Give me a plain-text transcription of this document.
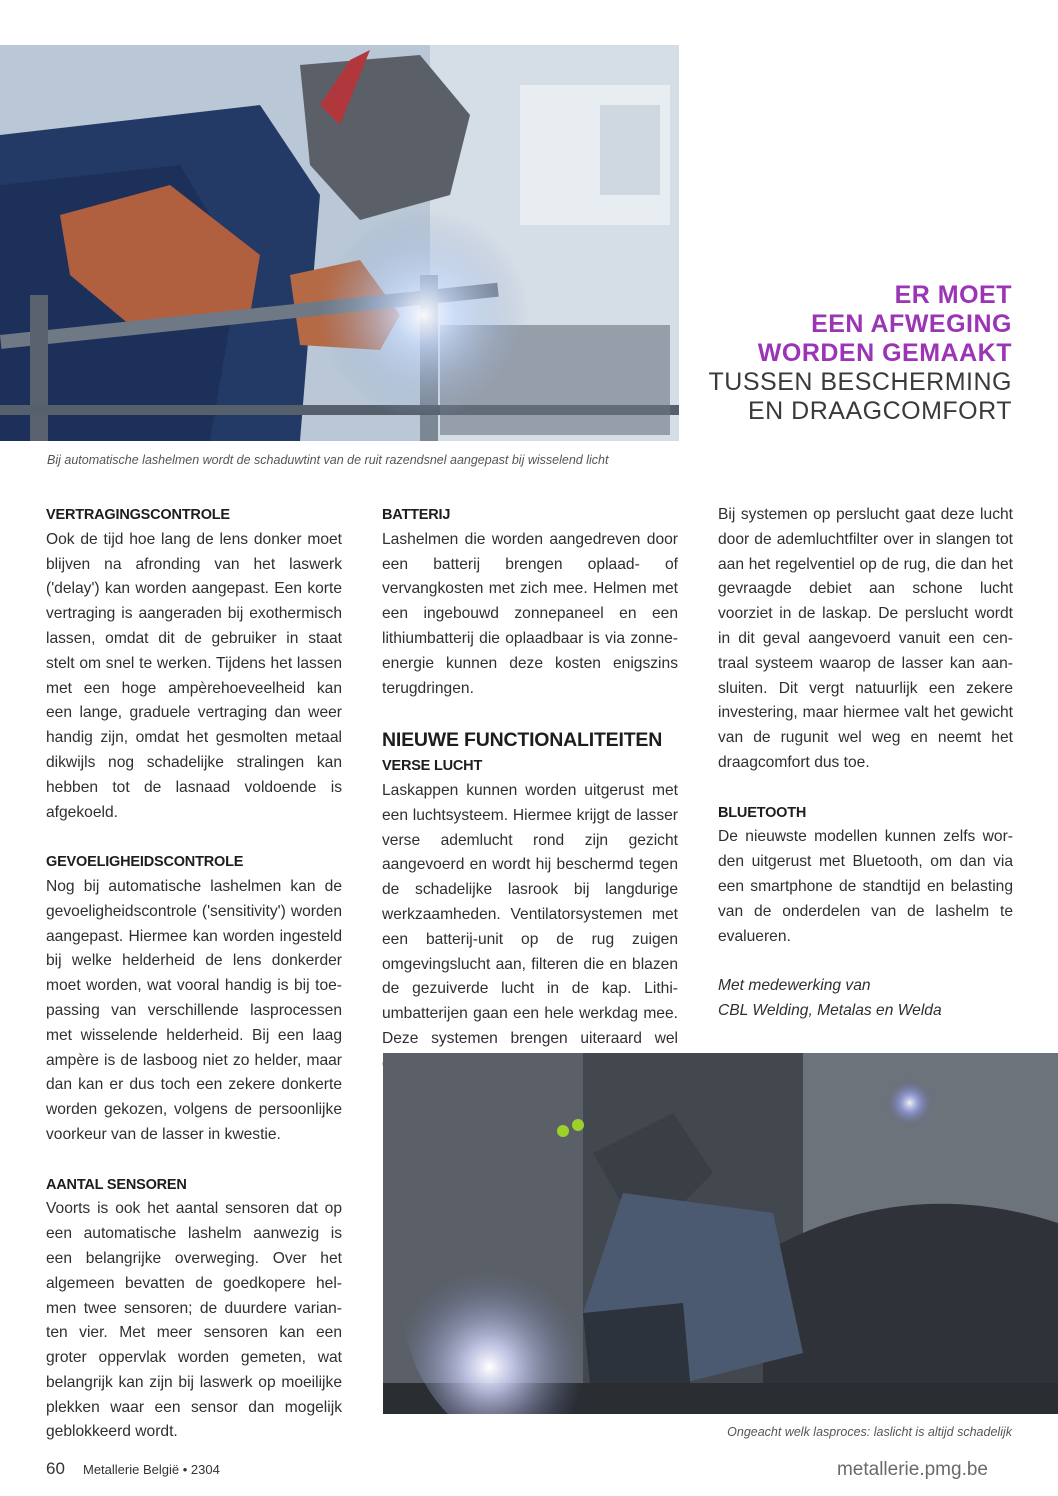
Bij automatische lashelmen wordt de schaduwtint van de ruit razendsnel aangepast bij wisselend licht
ER MOET
EEN AFWEGING
WORDEN GEMAAKT
TUSSEN BESCHERMING
EN DRAAGCOMFORT
VERTRAGINGSCONTROLE

Ook de tijd hoe lang de lens donker moet blijven na afronding van het laswerk ('delay') kan worden aangepast. Een korte vertraging is aangeraden bij exothermisch lassen, omdat dit de gebruiker in staat stelt om snel te werken. Tijdens het lassen met een hoge ampèrehoeveelheid kan een lange, graduele vertraging dan weer handig zijn, omdat het gesmolten metaal dikwijls nog schadelijke stralingen kan hebben tot de lasnaad voldoende is afgekoeld.

GEVOELIGHEIDSCONTROLE

Nog bij automatische lashelmen kan de gevoeligheidscontrole ('sensitivity') worden aangepast. Hiermee kan worden ingesteld bij welke helderheid de lens donkerder moet worden, wat vooral handig is bij toepassing van verschillende lasprocessen met wisselende helderheid. Bij een laag ampère is de lasboog niet zo helder, maar dan kan er dus toch een zekere donkerte worden gekozen, volgens de persoonlijke voorkeur van de lasser in kwestie.

AANTAL SENSOREN

Voorts is ook het aantal sensoren dat op een automatische lashelm aanwezig is een belangrijke overweging. Over het algemeen bevatten de goedkopere helmen twee sensoren; de duurdere varianten vier. Met meer sensoren kan een groter oppervlak worden gemeten, wat belangrijk kan zijn bij laswerk op moeilijke plekken waar een sensor dan mogelijk geblokkeerd wordt.

BATTERIJ

Lashelmen die worden aangedreven door een batterij brengen oplaad- of vervangkosten met zich mee. Helmen met een ingebouwd zonnepaneel en een lithiumbatterij die oplaadbaar is via zonne-energie kunnen deze kosten enigszins terugdringen.

NIEUWE FUNCTIONALITEITEN
VERSE LUCHT

Laskappen kunnen worden uitgerust met een luchtsysteem. Hiermee krijgt de lasser verse ademlucht rond zijn gezicht aangevoerd en wordt hij beschermd tegen de schadelijke lasrook bij langdurige werkzaamheden. Ventilatorsystemen met een batterij-unit op de rug zuigen omgevingslucht aan, filteren die en blazen de gezuiverde lucht in de kap. Lithiumbatterijen gaan een hele werkdag mee. Deze systemen brengen uiteraard wel

Bij systemen op perslucht gaat deze lucht door de ademluchtfilter over in slangen tot aan het regelventiel op de rug, die dan het gevraagde debiet aan schone lucht voorziet in de laskap. De perslucht wordt in dit geval aangevoerd vanuit een centraal systeem waarop de lasser kan aansluiten. Dit vergt natuurlijk een zekere investering, maar hiermee valt het gewicht van de rugunit wel weg en neemt het draagcomfort dus toe.

BLUETOOTH

De nieuwste modellen kunnen zelfs worden uitgerust met Bluetooth, om dan via een smartphone de standtijd en belasting van de onderdelen van de lashelm te evalueren.

Met medewerking van

CBL Welding, Metalas en Welda

Ongeacht welk lasproces: laslicht is altijd schadelijk
60 Metallerie België • 2304	metallerie.pmg.be
